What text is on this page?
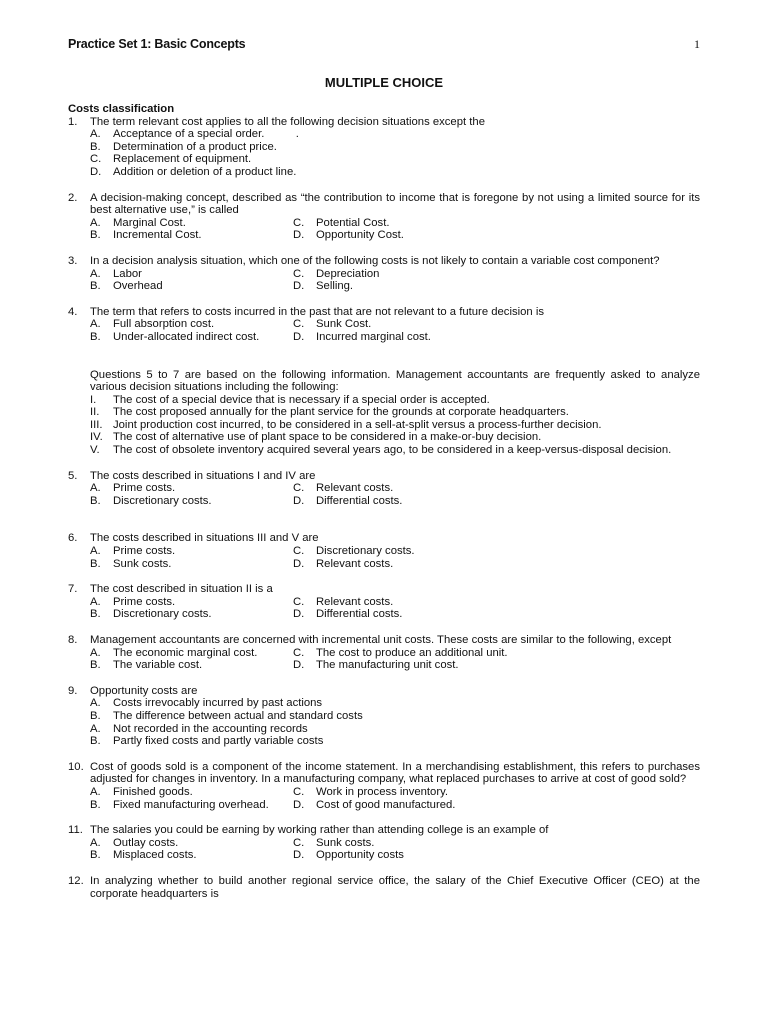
Practice Set 1: Basic Concepts	1
MULTIPLE CHOICE

Costs classification

1. The term relevant cost applies to all the following decision situations except the
A. Acceptance of a special order.          .
B. Determination of a product price.
C. Replacement of equipment.
D. Addition or deletion of a product line.
2. A decision-making concept, described as “the contribution to income that is foregone by not using a limited source for its best alternative use,” is called
A. Marginal Cost.	C. Potential Cost.
B. Incremental Cost.	D. Opportunity Cost.
3. In a decision analysis situation, which one of the following costs is not likely to contain a variable cost component?
A. Labor	C. Depreciation
B. Overhead	D. Selling.
4. The term that refers to costs incurred in the past that are not relevant to a future decision is
A. Full absorption cost.	C. Sunk Cost.
B. Under-allocated indirect cost.	D. Incurred marginal cost.
Questions 5 to 7 are based on the following information. Management accountants are frequently asked to analyze various decision situations including the following:
I. The cost of a special device that is necessary if a special order is accepted.
II. The cost proposed annually for the plant service for the grounds at corporate headquarters.
III. Joint production cost incurred, to be considered in a sell-at-split versus a process-further decision.
IV. The cost of alternative use of plant space to be considered in a make-or-buy decision.
V. The cost of obsolete inventory acquired several years ago, to be considered in a keep-versus-disposal decision.
5. The costs described in situations I and IV are
A. Prime costs.	C. Relevant costs.
B. Discretionary costs.	D. Differential costs.
6. The costs described in situations III and V are
A. Prime costs.	C. Discretionary costs.
B. Sunk costs.	D. Relevant costs.
7. The cost described in situation II is a
A. Prime costs.	C. Relevant costs.
B. Discretionary costs.	D. Differential costs.
8. Management accountants are concerned with incremental unit costs. These costs are similar to the following, except
A. The economic marginal cost.	C. The cost to produce an additional unit.
B. The variable cost.	D. The manufacturing unit cost.
9. Opportunity costs are
A. Costs irrevocably incurred by past actions
B. The difference between actual and standard costs
A. Not recorded in the accounting records
B. Partly fixed costs and partly variable costs
10. Cost of goods sold is a component of the income statement. In a merchandising establishment, this refers to purchases adjusted for changes in inventory. In a manufacturing company, what replaced purchases to arrive at cost of good sold?
A. Finished goods.	C. Work in process inventory.
B. Fixed manufacturing overhead.	D. Cost of good manufactured.
11. The salaries you could be earning by working rather than attending college is an example of
A. Outlay costs.	C. Sunk costs.
B. Misplaced costs.	D. Opportunity costs
12. In analyzing whether to build another regional service office, the salary of the Chief Executive Officer (CEO) at the corporate headquarters is
